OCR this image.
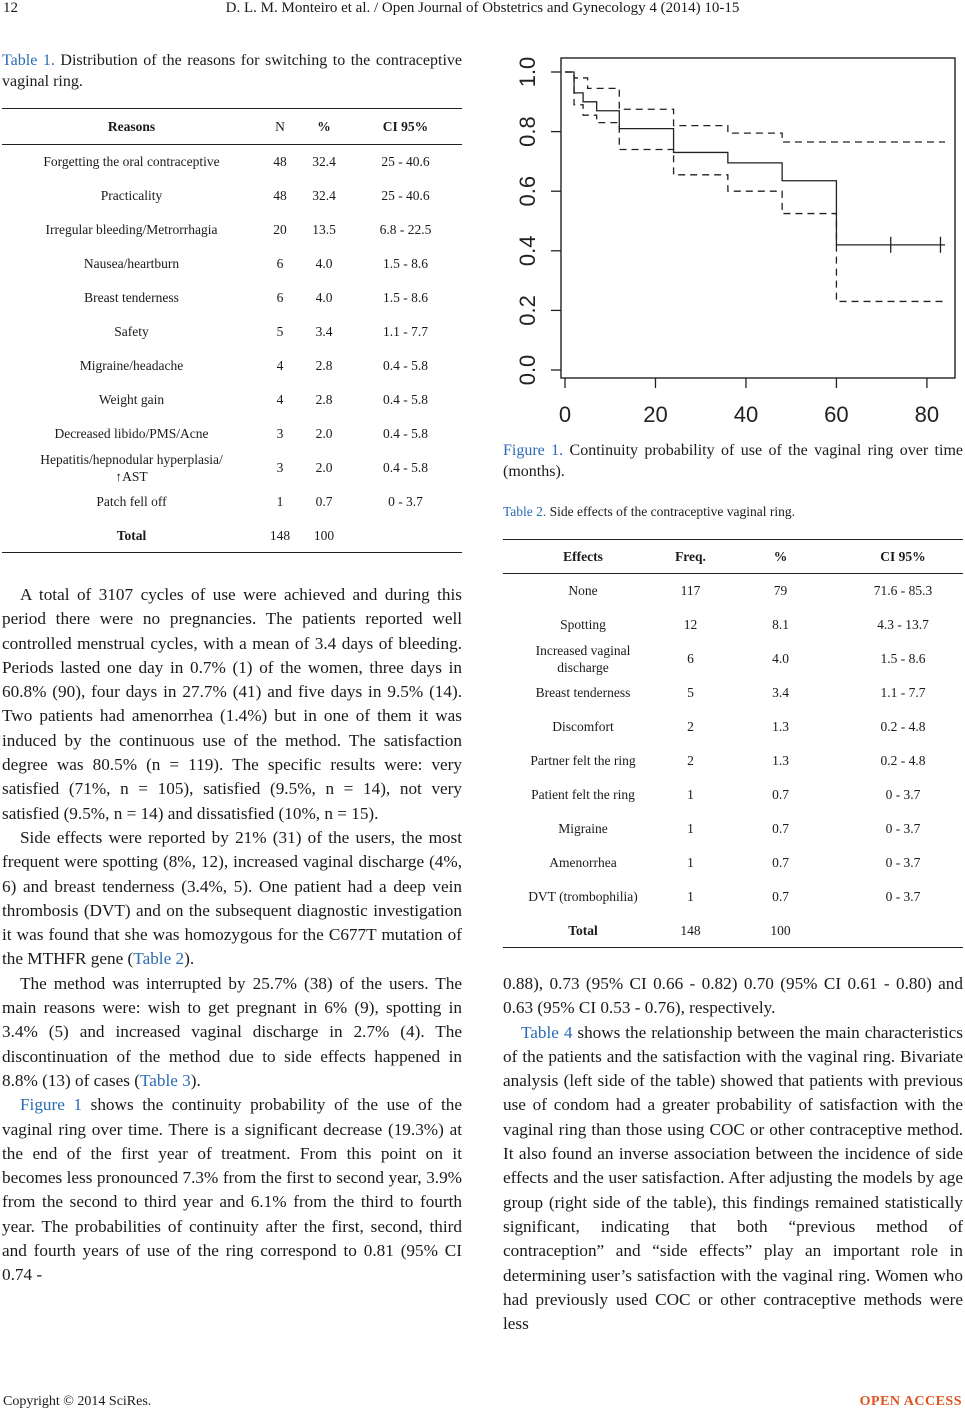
12	D. L. M. Monteiro et al. / Open Journal of Obstetrics and Gynecology 4 (2014) 10-15
Table 1. Distribution of the reasons for switching to the contraceptive vaginal ring.
Reasons	N	%	CI 95%
Forgetting the oral contraceptive	48	32.4	25 - 40.6
Practicality	48	32.4	25 - 40.6
Irregular bleeding/Metrorrhagia	20	13.5	6.8 - 22.5
Nausea/heartburn	6	4.0	1.5 - 8.6
Breast tenderness	6	4.0	1.5 - 8.6
Safety	5	3.4	1.1 - 7.7
Migraine/headache	4	2.8	0.4 - 5.8
Weight gain	4	2.8	0.4 - 5.8
Decreased libido/PMS/Acne	3	2.0	0.4 - 5.8
Hepatitis/hepnodular hyperplasia/↑AST	3	2.0	0.4 - 5.8
Patch fell off	1	0.7	0 - 3.7
Total	148	100	

A total of 3107 cycles of use were achieved and during this period there were no pregnancies. The patients reported well controlled menstrual cycles, with a mean of 3.4 days of bleeding. Periods lasted one day in 0.7% (1) of the women, three days in 60.8% (90), four days in 27.7% (41) and five days in 9.5% (14). Two patients had amenorrhea (1.4%) but in one of them it was induced by the continuous use of the method. The satisfaction degree was 80.5% (n = 119). The specific results were: very satisfied (71%, n = 105), satisfied (9.5%, n = 14), not very satisfied (9.5%, n = 14) and dissatisfied (10%, n = 15).

Side effects were reported by 21% (31) of the users, the most frequent were spotting (8%, 12), increased vaginal discharge (4%, 6) and breast tenderness (3.4%, 5). One patient had a deep vein thrombosis (DVT) and on the subsequent diagnostic investigation it was found that she was homozygous for the C677T mutation of the MTHFR gene (Table 2).

The method was interrupted by 25.7% (38) of the users. The main reasons were: wish to get pregnant in 6% (9), spotting in 3.4% (5) and increased vaginal discharge in 2.7% (4). The discontinuation of the method due to side effects happened in 8.8% (13) of cases (Table 3).

Figure 1 shows the continuity probability of the use of the vaginal ring over time. There is a significant decrease (19.3%) at the end of the first year of treatment. From this point on it becomes less pronounced 7.3% from the first to second year, 3.9% from the second to third year and 6.1% from the third to fourth year. The probabilities of continuity after the first, second, third and fourth years of use of the ring correspond to 0.81 (95% CI 0.74 -

0.0
0.2
0.4
0.6
0.8
1.0
0	20	40	60	80
Figure 1. Continuity probability of use of the vaginal ring over time (months).
Table 2. Side effects of the contraceptive vaginal ring.
Effects	Freq.	%	CI 95%
None	117	79	71.6 - 85.3
Spotting	12	8.1	4.3 - 13.7
Increased vaginal discharge	6	4.0	1.5 - 8.6
Breast tenderness	5	3.4	1.1 - 7.7
Discomfort	2	1.3	0.2 - 4.8
Partner felt the ring	2	1.3	0.2 - 4.8
Patient felt the ring	1	0.7	0 - 3.7
Migraine	1	0.7	0 - 3.7
Amenorrhea	1	0.7	0 - 3.7
DVT (trombophilia)	1	0.7	0 - 3.7
Total	148	100	

0.88), 0.73 (95% CI 0.66 - 0.82) 0.70 (95% CI 0.61 - 0.80) and 0.63 (95% CI 0.53 - 0.76), respectively.

Table 4 shows the relationship between the main characteristics of the patients and the satisfaction with the vaginal ring. Bivariate analysis (left side of the table) showed that patients with previous use of condom had a greater probability of satisfaction with the vaginal ring than those using COC or other contraceptive method. It also found an inverse association between the incidence of side effects and the user satisfaction. After adjusting the models by age group (right side of the table), this findings remained statistically significant, indicating that both “previous method of contraception” and “side effects” play an important role in determining user’s satisfaction with the vaginal ring. Women who had previously used COC or other contraceptive methods were less

Copyright © 2014 SciRes.	OPEN ACCESS
